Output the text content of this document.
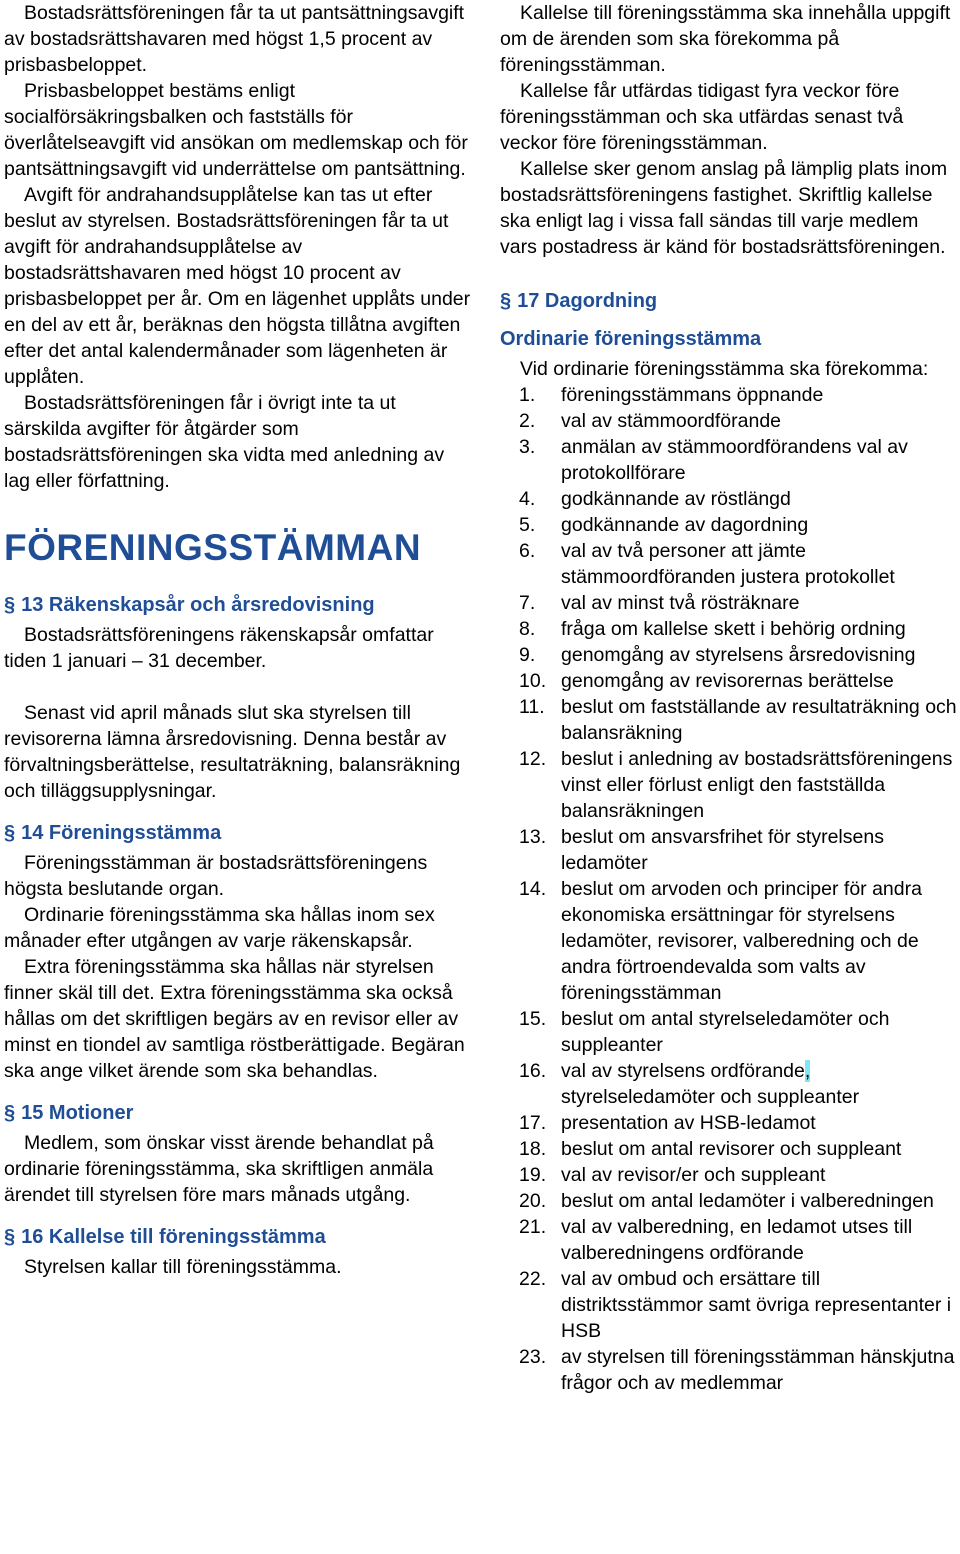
Bostadsrättsföreningen får ta ut pantsättningsavgift av bostadsrättshavaren med högst 1,5 procent av prisbasbeloppet.

Prisbasbeloppet bestäms enligt socialförsäkringsbalken och fastställs för överlåtelseavgift vid ansökan om medlemskap och för pantsättningsavgift vid underrättelse om pantsättning.

Avgift för andrahandsupplåtelse kan tas ut efter beslut av styrelsen. Bostadsrättsföreningen får ta ut avgift för andrahandsupplåtelse av bostadsrättshavaren med högst 10 procent av prisbasbeloppet per år. Om en lägenhet upplåts under en del av ett år, beräknas den högsta tillåtna avgiften efter det antal kalendermånader som lägenheten är upplåten.

Bostadsrättsföreningen får i övrigt inte ta ut särskilda avgifter för åtgärder som bostadsrättsföreningen ska vidta med anledning av lag eller författning.

FÖRENINGSSTÄMMAN
§ 13 Räkenskapsår och årsredovisning

Bostadsrättsföreningens räkenskapsår omfattar tiden 1 januari – 31 december.

Senast vid april månads slut ska styrelsen till revisorerna lämna årsredovisning. Denna består av förvaltningsberättelse, resultaträkning, balansräkning och tilläggsupplysningar.

§ 14 Föreningsstämma

Föreningsstämman är bostadsrättsföreningens högsta beslutande organ.

Ordinarie föreningsstämma ska hållas inom sex månader efter utgången av varje räkenskapsår.

Extra föreningsstämma ska hållas när styrelsen finner skäl till det. Extra föreningsstämma ska också hållas om det skriftligen begärs av en revisor eller av minst en tiondel av samtliga röstberättigade. Begäran ska ange vilket ärende som ska behandlas.

§ 15 Motioner

Medlem, som önskar visst ärende behandlat på ordinarie föreningsstämma, ska skriftligen anmäla ärendet till styrelsen före mars månads utgång.

§ 16 Kallelse till föreningsstämma

Styrelsen kallar till föreningsstämma.

Kallelse till föreningsstämma ska innehålla uppgift om de ärenden som ska förekomma på föreningsstämman.

Kallelse får utfärdas tidigast fyra veckor före föreningsstämman och ska utfärdas senast två veckor före föreningsstämman.

Kallelse sker genom anslag på lämplig plats inom bostadsrättsföreningens fastighet. Skriftlig kallelse ska enligt lag i vissa fall sändas till varje medlem vars postadress är känd för bostadsrättsföreningen.

§ 17 Dagordning
Ordinarie föreningsstämma

Vid ordinarie föreningsstämma ska förekomma:

1. föreningsstämmans öppnande
2. val av stämmoordförande
3. anmälan av stämmoordförandens val av protokollförare
4. godkännande av röstlängd
5. godkännande av dagordning
6. val av två personer att jämte stämmoordföranden justera protokollet
7. val av minst två rösträknare
8. fråga om kallelse skett i behörig ordning
9. genomgång av styrelsens årsredovisning
10. genomgång av revisorernas berättelse
11. beslut om fastställande av resultaträkning och balansräkning
12. beslut i anledning av bostadsrättsföreningens vinst eller förlust enligt den fastställda balansräkningen
13. beslut om ansvarsfrihet för styrelsens ledamöter
14. beslut om arvoden och principer för andra ekonomiska ersättningar för styrelsens ledamöter, revisorer, valberedning och de andra förtroendevalda som valts av föreningsstämman
15. beslut om antal styrelseledamöter och suppleanter
16. val av styrelsens ordförande, styrelseledamöter och suppleanter
17. presentation av HSB-ledamot
18. beslut om antal revisorer och suppleant
19. val av revisor/er och suppleant
20. beslut om antal ledamöter i valberedningen
21. val av valberedning, en ledamot utses till valberedningens ordförande
22. val av ombud och ersättare till distriktsstämmor samt övriga representanter i HSB
23. av styrelsen till föreningsstämman hänskjutna frågor och av medlemmar
